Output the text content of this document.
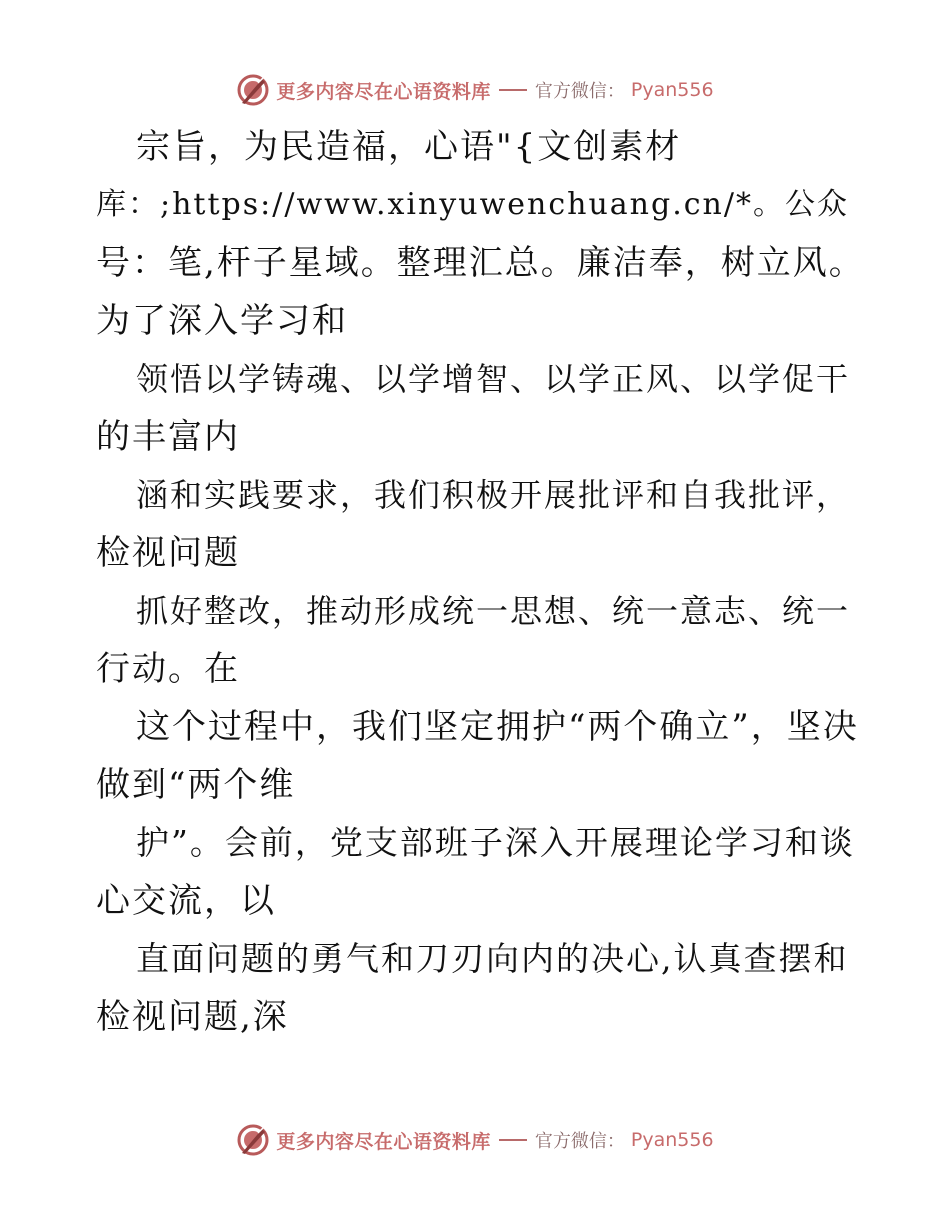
更多内容尽在心语资料库 官方微信： Pyan556
宗旨，为民造福，心语"{文创素材
库：;https://www.xinyuwenchuang.cn/*。公众
号：笔,杆子星域。整理汇总。廉洁奉，树立风。
为了深入学习和
领悟以学铸魂、以学增智、以学正风、以学促干
的丰富内
涵和实践要求，我们积极开展批评和自我批评，
检视问题
抓好整改，推动形成统一思想、统一意志、统一
行动。在
这个过程中，我们坚定拥护“两个确立”，坚决
做到“两个维
护”。会前，党支部班子深入开展理论学习和谈
心交流，以
直面问题的勇气和刀刃向内的决心,认真查摆和
检视问题,深
更多内容尽在心语资料库 官方微信： Pyan556
